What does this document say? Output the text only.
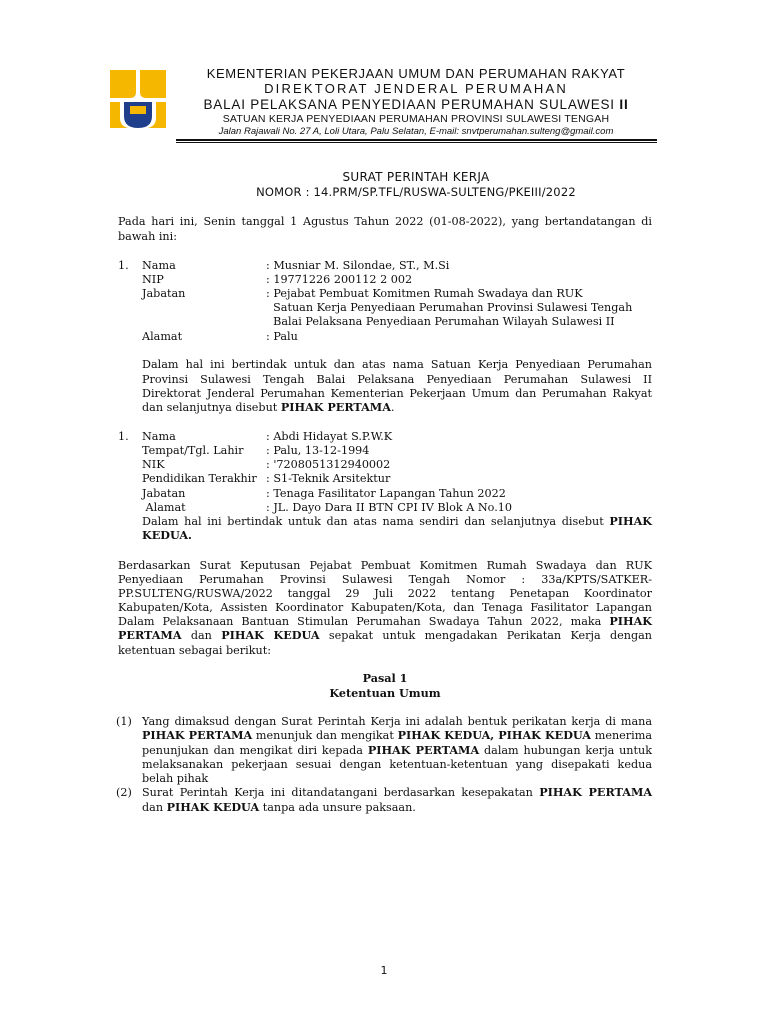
KEMENTERIAN PEKERJAAN UMUM DAN PERUMAHAN RAKYAT
DIREKTORAT JENDERAL PERUMAHAN
BALAI PELAKSANA PENYEDIAAN PERUMAHAN SULAWESI II
SATUAN KERJA PENYEDIAAN PERUMAHAN PROVINSI SULAWESI TENGAH
Jalan Rajawali No. 27 A, Loli Utara, Palu Selatan, E-mail: snvtperumahan.sulteng@gmail.com
SURAT PERINTAH KERJA
NOMOR : 14.PRM/SP.TFL/RUSWA-SULTENG/PKEIII/2022
Pada hari ini, Senin tanggal 1 Agustus Tahun 2022 (01-08-2022), yang bertandatangan di
bawah ini:
1. Nama	: Musniar M. Silondae, ST., M.Si
NIP	: 19771226 200112 2 002
Jabatan	: Pejabat Pembuat Komitmen Rumah Swadaya dan RUK
Satuan Kerja Penyediaan Perumahan Provinsi Sulawesi Tengah
Balai Pelaksana Penyediaan Perumahan Wilayah Sulawesi II
Alamat	: Palu
Dalam hal ini bertindak untuk dan atas nama Satuan Kerja Penyediaan Perumahan
Provinsi Sulawesi Tengah Balai Pelaksana Penyediaan Perumahan Sulawesi II
Direktorat Jenderal Perumahan Kementerian Pekerjaan Umum dan Perumahan Rakyat
dan selanjutnya disebut PIHAK PERTAMA.
1. Nama	: Abdi Hidayat S.P.W.K
Tempat/Tgl. Lahir : Palu, 13-12-1994
NIK	: '7208051312940002
Pendidikan Terakhir : S1-Teknik Arsitektur
Jabatan	: Tenaga Fasilitator Lapangan Tahun 2022
Alamat	: JL. Dayo Dara II BTN CPI IV Blok A No.10
Dalam hal ini bertindak untuk dan atas nama sendiri dan selanjutnya disebut PIHAK
KEDUA.
Berdasarkan Surat Keputusan Pejabat Pembuat Komitmen Rumah Swadaya dan RUK
Penyediaan Perumahan Provinsi Sulawesi Tengah Nomor : 33a/KPTS/SATKER-
PP.SULTENG/RUSWA/2022 tanggal 29 Juli 2022 tentang Penetapan Koordinator
Kabupaten/Kota, Assisten Koordinator Kabupaten/Kota, dan Tenaga Fasilitator Lapangan
Dalam Pelaksanaan Bantuan Stimulan Perumahan Swadaya Tahun 2022, maka PIHAK
PERTAMA dan PIHAK KEDUA sepakat untuk mengadakan Perikatan Kerja dengan
ketentuan sebagai berikut:
Pasal 1
Ketentuan Umum
(1) Yang dimaksud dengan Surat Perintah Kerja ini adalah bentuk perikatan kerja di mana
PIHAK PERTAMA menunjuk dan mengikat PIHAK KEDUA, PIHAK KEDUA menerima
penunjukan dan mengikat diri kepada PIHAK PERTAMA dalam hubungan kerja untuk
melaksanakan pekerjaan sesuai dengan ketentuan-ketentuan yang disepakati kedua
belah pihak
(2) Surat Perintah Kerja ini ditandatangani berdasarkan kesepakatan PIHAK PERTAMA
dan PIHAK KEDUA tanpa ada unsure paksaan.
1
